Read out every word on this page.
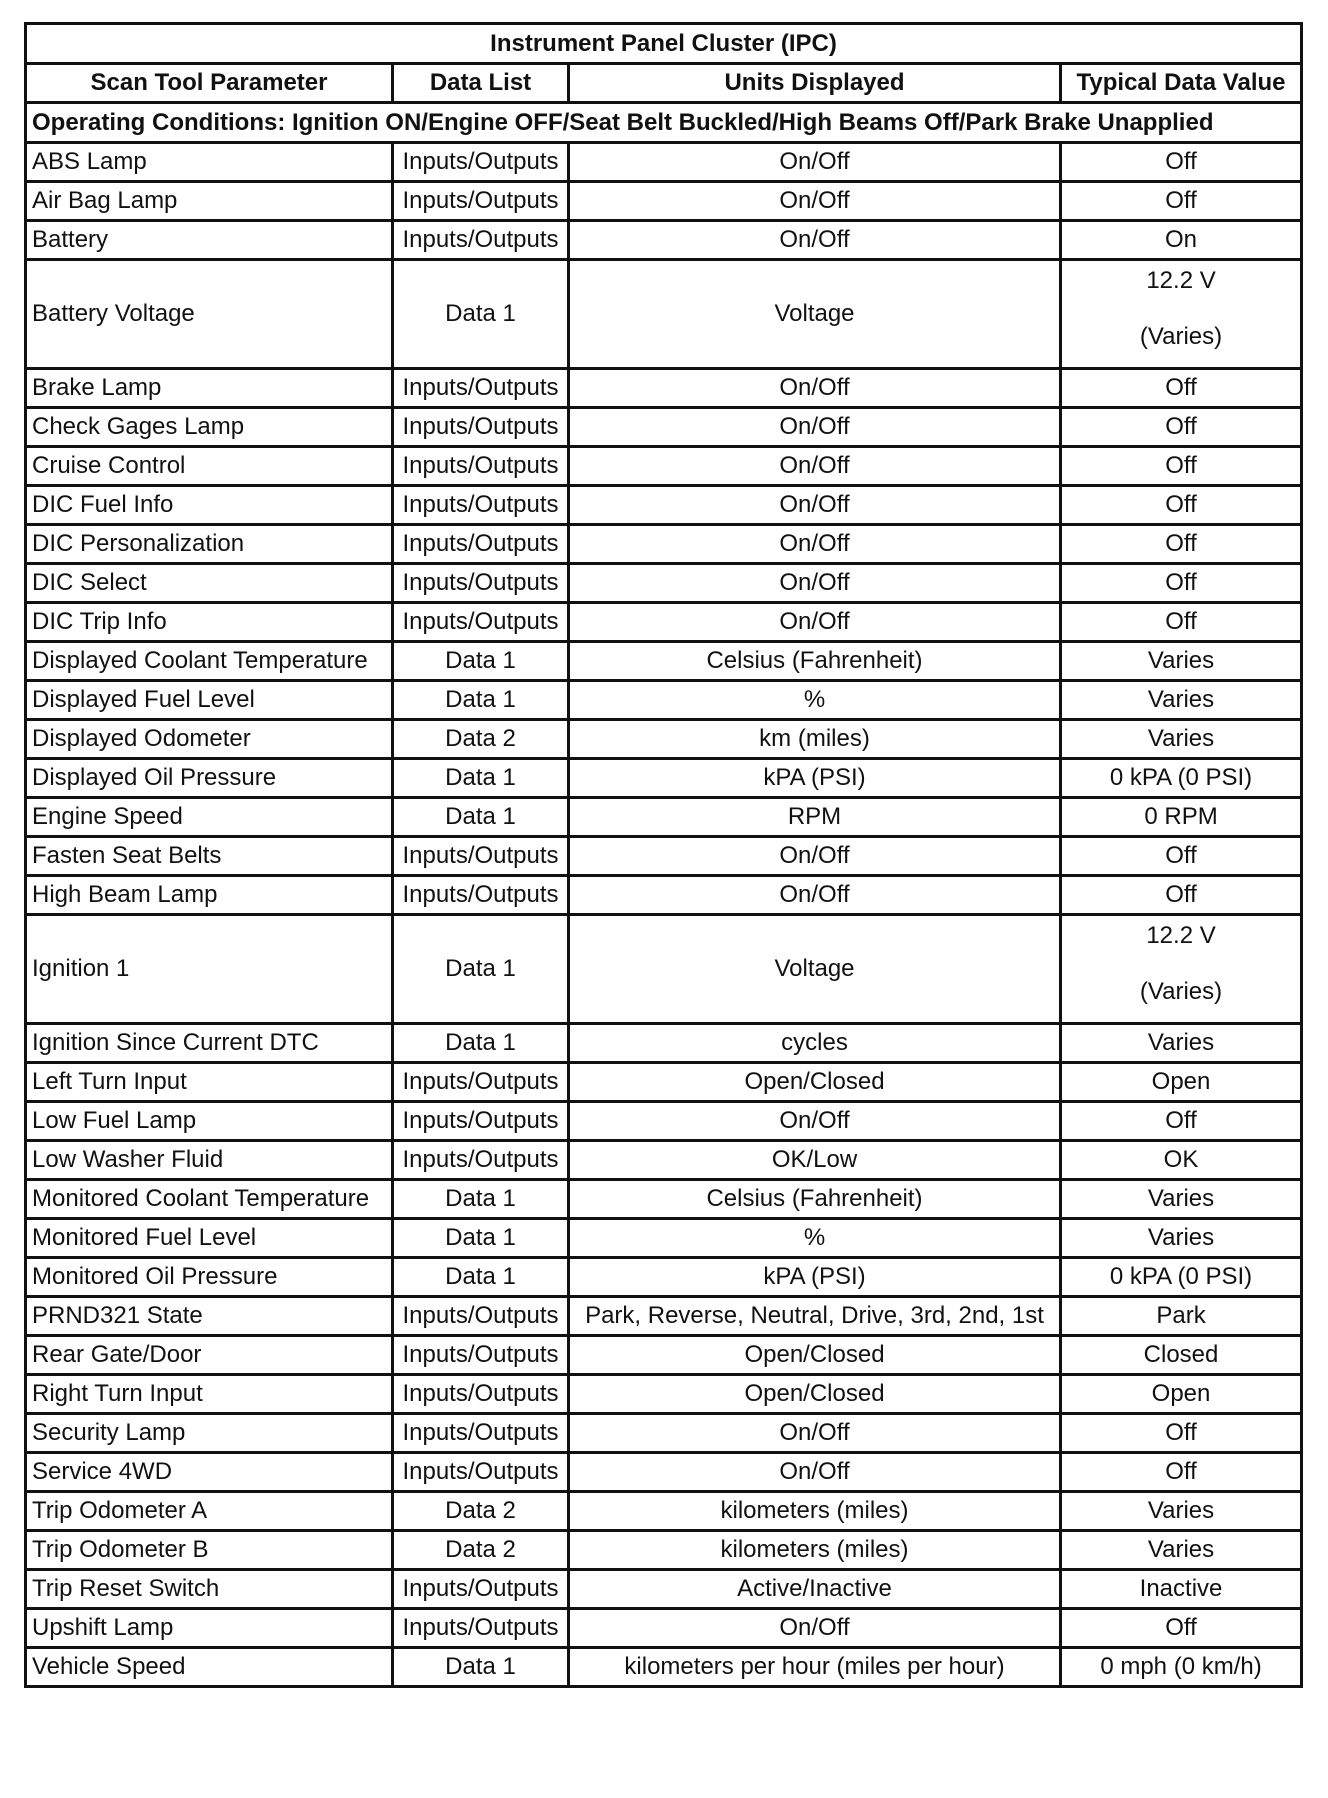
Instrument Panel Cluster (IPC)			
Scan Tool Parameter	Data List	Units Displayed	Typical Data Value
Operating Conditions: Ignition ON/Engine OFF/Seat Belt Buckled/High Beams Off/Park Brake Unapplied			
ABS Lamp	Inputs/Outputs	On/Off	Off
Air Bag Lamp	Inputs/Outputs	On/Off	Off
Battery	Inputs/Outputs	On/Off	On
Battery Voltage	Data 1	Voltage	12.2 V
(Varies)
Brake Lamp	Inputs/Outputs	On/Off	Off
Check Gages Lamp	Inputs/Outputs	On/Off	Off
Cruise Control	Inputs/Outputs	On/Off	Off
DIC Fuel Info	Inputs/Outputs	On/Off	Off
DIC Personalization	Inputs/Outputs	On/Off	Off
DIC Select	Inputs/Outputs	On/Off	Off
DIC Trip Info	Inputs/Outputs	On/Off	Off
Displayed Coolant Temperature	Data 1	Celsius (Fahrenheit)	Varies
Displayed Fuel Level	Data 1	%	Varies
Displayed Odometer	Data 2	km (miles)	Varies
Displayed Oil Pressure	Data 1	kPA (PSI)	0 kPA (0 PSI)
Engine Speed	Data 1	RPM	0 RPM
Fasten Seat Belts	Inputs/Outputs	On/Off	Off
High Beam Lamp	Inputs/Outputs	On/Off	Off
Ignition 1	Data 1	Voltage	12.2 V
(Varies)
Ignition Since Current DTC	Data 1	cycles	Varies
Left Turn Input	Inputs/Outputs	Open/Closed	Open
Low Fuel Lamp	Inputs/Outputs	On/Off	Off
Low Washer Fluid	Inputs/Outputs	OK/Low	OK
Monitored Coolant Temperature	Data 1	Celsius (Fahrenheit)	Varies
Monitored Fuel Level	Data 1	%	Varies
Monitored Oil Pressure	Data 1	kPA (PSI)	0 kPA (0 PSI)
PRND321 State	Inputs/Outputs	Park, Reverse, Neutral, Drive, 3rd, 2nd, 1st	Park
Rear Gate/Door	Inputs/Outputs	Open/Closed	Closed
Right Turn Input	Inputs/Outputs	Open/Closed	Open
Security Lamp	Inputs/Outputs	On/Off	Off
Service 4WD	Inputs/Outputs	On/Off	Off
Trip Odometer A	Data 2	kilometers (miles)	Varies
Trip Odometer B	Data 2	kilometers (miles)	Varies
Trip Reset Switch	Inputs/Outputs	Active/Inactive	Inactive
Upshift Lamp	Inputs/Outputs	On/Off	Off
Vehicle Speed	Data 1	kilometers per hour (miles per hour)	0 mph (0 km/h)
